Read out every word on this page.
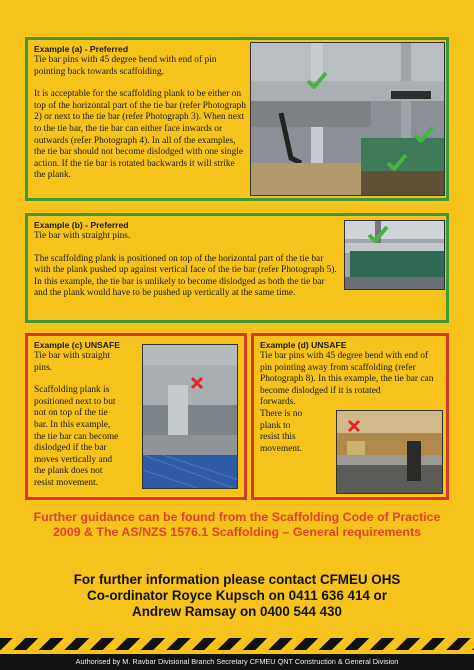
Example (a) - Preferred
Tie bar pins with 45 degree bend with end of pin pointing back towards scaffolding.
It is acceptable for the scaffolding plank to be either on top of the horizontal part of the tie bar (refer Photograph 2) or next to the tie bar (refer Photograph 3). When next to the tie bar, the tie bar can either face inwards or outwards (refer Photograph 4). In all of the examples, the tie bar should not become dislodged with one single action. If the tie bar is rotated backwards it will strike the plank.
Example (b) - Preferred
Tie bar with straight pins.
The scaffolding plank is positioned on top of the horizontal part of the tie bar with the plank pushed up against vertical face of the tie bar (refer Photograph 5). In this example, the tie bar is unlikely to become dislodged as both the tie bar and the plank would have to be pushed up vertically at the same time.
Example (c) UNSAFE
Tie bar with straight pins.
Scaffolding plank is positioned next to but not on top of the tie bar. In this example, the tie bar can become dislodged if the bar moves vertically and the plank does not resist movement.
Example (d) UNSAFE
Tie bar pins with 45 degree bend with end of pin pointing away from scaffolding (refer Photograph 8). In this example, the tie bar can become dislodged if it is rotated
forwards. There is no plank to resist this movement.
Further guidance can be found from the Scaffolding Code of Practice 2009 & The AS/NZS 1576.1 Scaffolding – General requirements
For further information please contact CFMEU OHS
Co-ordinator Royce Kupsch on 0411 636 414 or
Andrew Ramsay on 0400 544 430
Authorised by M. Ravbar Divisional Branch Secretary CFMEU QNT Construction & General Division
